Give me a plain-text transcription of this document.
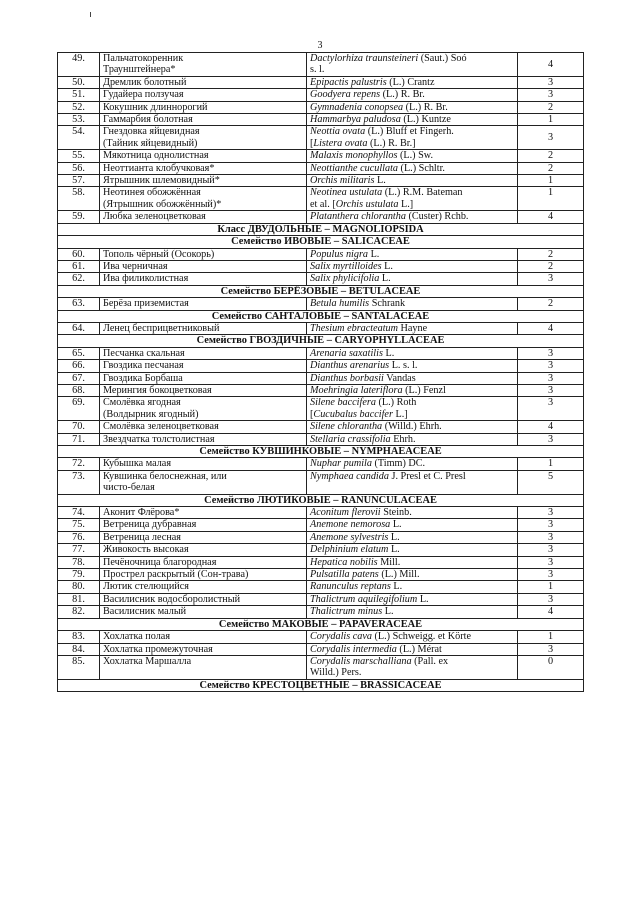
3
49.	Пальчатокоренник
Траунштейнера*	Dactylorhiza traunsteineri (Saut.) Soó
s. l.	4
50.	Дремлик болотный	Epipactis palustris (L.) Crantz	3
51.	Гудайера ползучая	Goodyera repens (L.) R. Br.	3
52.	Кокушник длиннорогий	Gymnadenia conopsea (L.) R. Br.	2
53.	Гаммарбия болотная	Hammarbya paludosa (L.) Kuntze	1
54.	Гнездовка яйцевидная
(Тайник яйцевидный)	Neottia ovata (L.) Bluff et Fingerh.
[Listera ovata (L.) R. Br.]	3
55.	Мякотница однолистная	Malaxis monophyllos (L.) Sw.	2
56.	Неоттианта клобучковая*	Neottianthe cucullata (L.) Schltr.	2
57.	Ятрышник шлемовидный*	Orchis militaris L.	1
58.	Неотинея обожжённая
(Ятрышник обожжённый)*	Neotinea ustulata (L.) R.M. Bateman
et al. [Orchis ustulata L.]	1
59.	Любка зеленоцветковая	Platanthera chlorantha (Custer) Rchb.	4
Класс ДВУДОЛЬНЫЕ – MAGNOLIOPSIDA			
Семейство ИВОВЫЕ – SALICACEAE			
60.	Тополь чёрный (Осокорь)	Populus nigra L.	2
61.	Ива черничная	Salix myrtilloides L.	2
62.	Ива филиколистная	Salix phylicifolia L.	3
Семейство БЕРЁЗОВЫЕ – BETULACEAE			
63.	Берёза приземистая	Betula humilis Schrank	2
Семейство САНТАЛОВЫЕ – SANTALACEAE			
64.	Ленец бесприцветниковый	Thesium ebracteatum Hayne	4
Семейство ГВОЗДИЧНЫЕ – CARYOPHYLLACEAE			
65.	Песчанка скальная	Arenaria saxatilis L.	3
66.	Гвоздика песчаная	Dianthus arenarius L. s. l.	3
67.	Гвоздика Борбаша	Dianthus borbasii Vandas	3
68.	Мерингия бокоцветковая	Moehringia lateriflora (L.) Fenzl	3
69.	Смолёвка ягодная
(Волдырник ягодный)	Silene baccifera (L.) Roth
[Cucubalus baccifer L.]	3
70.	Смолёвка зеленоцветковая	Silene chlorantha (Willd.) Ehrh.	4
71.	Звездчатка толстолистная	Stellaria crassifolia Ehrh.	3
Семейство КУВШИНКОВЫЕ – NYMPHAEACEAE			
72.	Кубышка малая	Nuphar pumila (Timm) DC.	1
73.	Кувшинка белоснежная, или
чисто-белая	Nymphaea candida J. Presl et C. Presl	5
Семейство ЛЮТИКОВЫЕ – RANUNCULACEAE			
74.	Аконит Флёрова*	Aconitum flerovii Steinb.	3
75.	Ветреница дубравная	Anemone nemorosa L.	3
76.	Ветреница лесная	Anemone sylvestris L.	3
77.	Живокость высокая	Delphinium elatum L.	3
78.	Печёночница благородная	Hepatica nobilis Mill.	3
79.	Прострел раскрытый (Сон-трава)	Pulsatilla patens (L.) Mill.	3
80.	Лютик стелющийся	Ranunculus reptans L.	1
81.	Василисник водосборолистный	Thalictrum aquilegifolium L.	3
82.	Василисник малый	Thalictrum minus L.	4
Семейство МАКОВЫЕ – PAPAVERACEAE			
83.	Хохлатка полая	Corydalis cava (L.) Schweigg. et Körte	1
84.	Хохлатка промежуточная	Corydalis intermedia (L.) Mérat	3
85.	Хохлатка Маршалла	Corydalis marschalliana (Pall. ex
Willd.) Pers.	0
Семейство КРЕСТОЦВЕТНЫЕ – BRASSICACEAE			
